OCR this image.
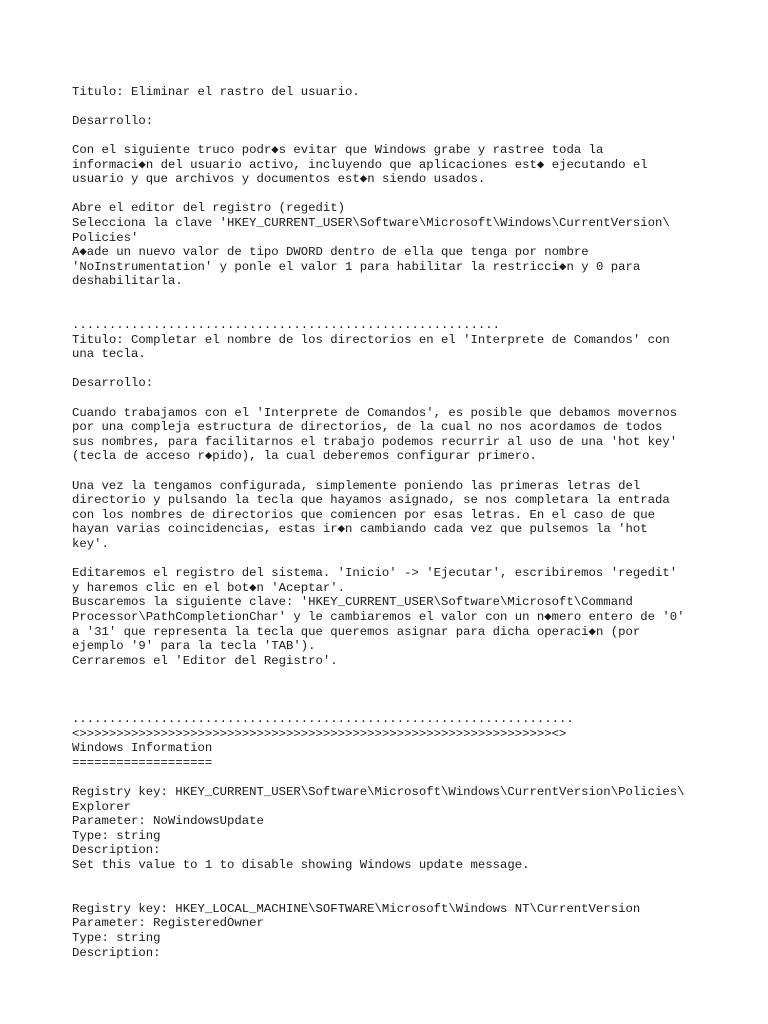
Titulo: Eliminar el rastro del usuario.
Desarrollo:
Con el siguiente truco podr◆s evitar que Windows grabe y rastree toda la
informaci◆n del usuario activo, incluyendo que aplicaciones est◆ ejecutando el
usuario y que archivos y documentos est◆n siendo usados.
Abre el editor del registro (regedit)
Selecciona la clave 'HKEY_CURRENT_USER\Software\Microsoft\Windows\CurrentVersion\
Policies'
A◆ade un nuevo valor de tipo DWORD dentro de ella que tenga por nombre
'NoInstrumentation' y ponle el valor 1 para habilitar la restricci◆n y 0 para
deshabilitarla.
..........................................................
Titulo: Completar el nombre de los directorios en el 'Interprete de Comandos' con
una tecla.
Desarrollo:
Cuando trabajamos con el 'Interprete de Comandos', es posible que debamos movernos
por una compleja estructura de directorios, de la cual no nos acordamos de todos
sus nombres, para facilitarnos el trabajo podemos recurrir al uso de una 'hot key'
(tecla de acceso r◆pido), la cual deberemos configurar primero.
Una vez la tengamos configurada, simplemente poniendo las primeras letras del
directorio y pulsando la tecla que hayamos asignado, se nos completara la entrada
con los nombres de directorios que comiencen por esas letras. En el caso de que
hayan varias coincidencias, estas ir◆n cambiando cada vez que pulsemos la 'hot
key'.
Editaremos el registro del sistema. 'Inicio' -> 'Ejecutar', escribiremos 'regedit'
y haremos clic en el bot◆n 'Aceptar'.
Buscaremos la siguiente clave: 'HKEY_CURRENT_USER\Software\Microsoft\Command
Processor\PathCompletionChar' y le cambiaremos el valor con un n◆mero entero de '0'
a '31' que representa la tecla que queremos asignar para dicha operaci◆n (por
ejemplo '9' para la tecla 'TAB').
Cerraremos el 'Editor del Registro'.
....................................................................
<>>>>>>>>>>>>>>>>>>>>>>>>>>>>>>>>>>>>>>>>>>>>>>>>>>>>>>>>>>>>>>>><>
Windows Information
===================
Registry key: HKEY_CURRENT_USER\Software\Microsoft\Windows\CurrentVersion\Policies\
Explorer
Parameter: NoWindowsUpdate
Type: string
Description:
Set this value to 1 to disable showing Windows update message.
Registry key: HKEY_LOCAL_MACHINE\SOFTWARE\Microsoft\Windows NT\CurrentVersion
Parameter: RegisteredOwner
Type: string
Description:
